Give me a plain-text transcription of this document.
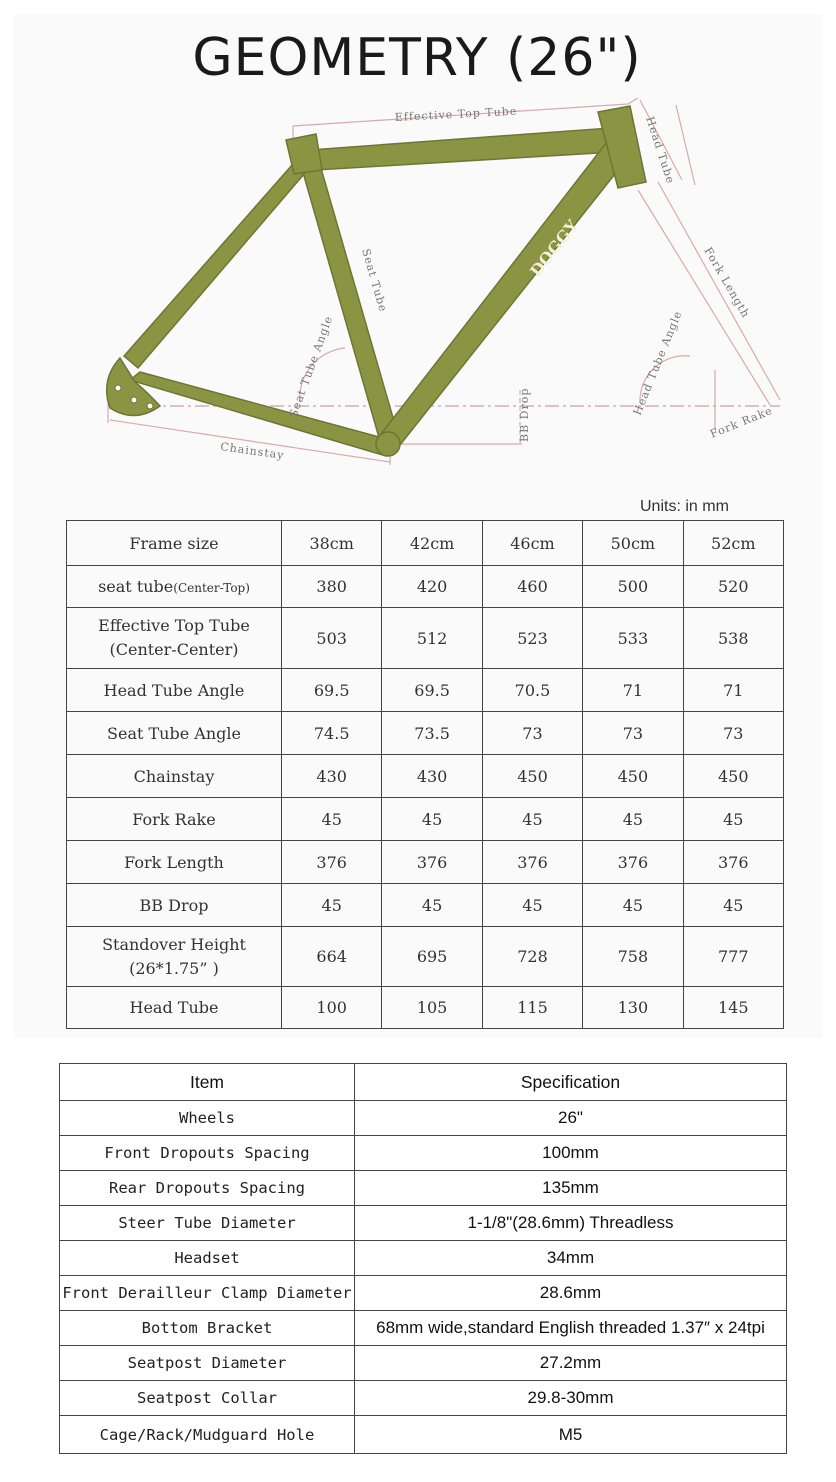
GEOMETRY (26")
Effective Top Tube
Head Tube
Seat Tube	Fork Length
Seat Tube Angle	Head Tube Angle
BB Drop	Fork Rake
Chainstay
DOGGY
Units: in mm
Frame size	38cm	42cm	46cm	50cm	52cm
seat tube(Center-Top)	380	420	460	500	520
Effective Top Tube
(Center-Center)	503	512	523	533	538
Head Tube Angle	69.5	69.5	70.5	71	71
Seat Tube Angle	74.5	73.5	73	73	73
Chainstay	430	430	450	450	450
Fork Rake	45	45	45	45	45
Fork Length	376	376	376	376	376
BB Drop	45	45	45	45	45
Standover Height
(26*1.75” )	664	695	728	758	777
Head Tube	100	105	115	130	145
Item	Specification
Wheels	26"
Front Dropouts Spacing	100mm
Rear Dropouts Spacing	135mm
Steer Tube Diameter	1-1/8"(28.6mm) Threadless
Headset	34mm
Front Derailleur Clamp Diameter	28.6mm
Bottom Bracket	68mm wide,standard English threaded 1.37″ x 24tpi
Seatpost Diameter	27.2mm
Seatpost Collar	29.8-30mm
Cage/Rack/Mudguard Hole	M5
